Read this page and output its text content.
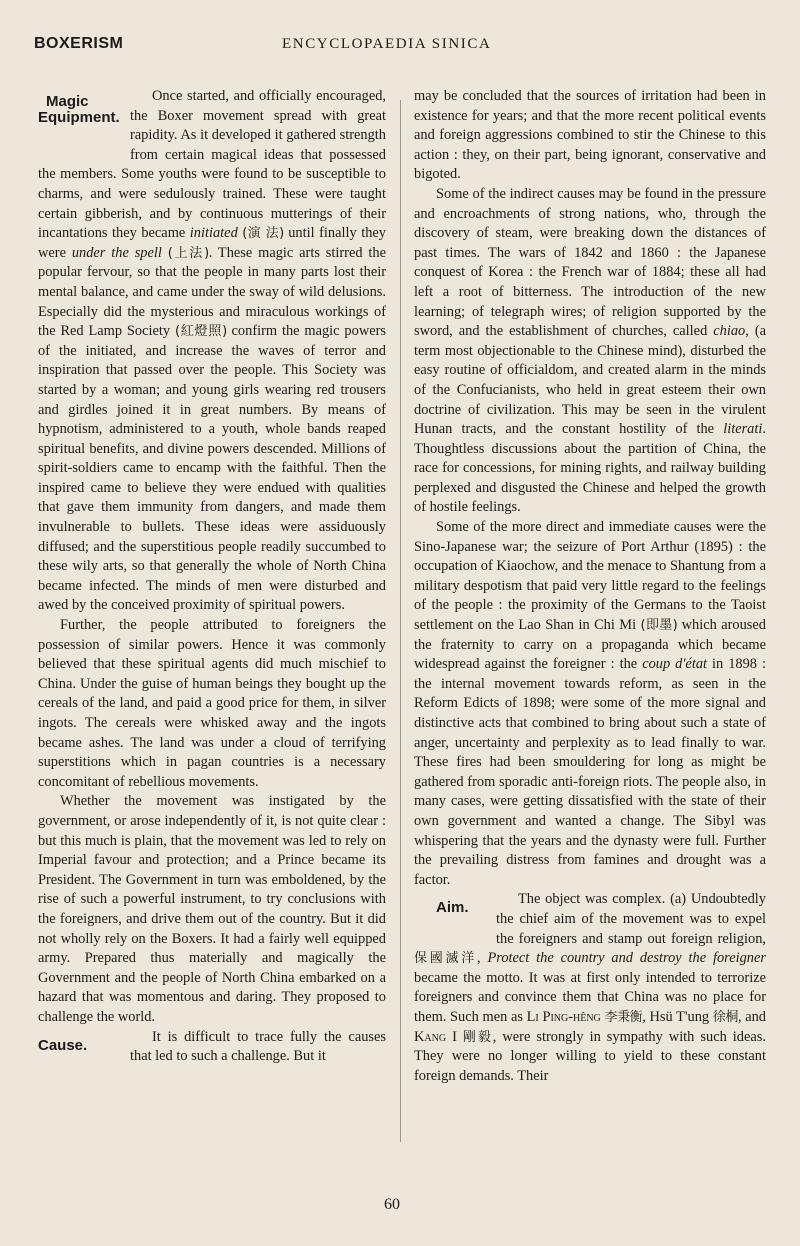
BOXERISM	ENCYCLOPAEDIA SINICA
Magic
Equipment.

Once started, and officially encouraged, the Boxer movement spread with great rapidity. As it developed it gathered strength from certain magical ideas that possessed the members. Some youths were found to be susceptible to charms, and were sedulously trained. These were taught certain gibberish, and by continuous mutterings of their incantations they became initiated (演 法) until finally they were under the spell (上法). These magic arts stirred the popular fervour, so that the people in many parts lost their mental balance, and came under the sway of wild delusions. Especially did the mysterious and miraculous workings of the Red Lamp Society (紅燈照) confirm the magic powers of the initiated, and increase the waves of terror and inspiration that passed over the people. This Society was started by a woman; and young girls wearing red trousers and girdles joined it in great numbers. By means of hypnotism, administered to a youth, whole bands reaped spiritual benefits, and divine powers descended. Millions of spirit-soldiers came to encamp with the faithful. Then the inspired came to believe they were endued with qualities that gave them immunity from dangers, and made them invulnerable to bullets. These ideas were assiduously diffused; and the superstitious people readily succumbed to these wily arts, so that generally the whole of North China became infected. The minds of men were disturbed and awed by the conceived proximity of spiritual powers.

Further, the people attributed to foreigners the possession of similar powers. Hence it was commonly believed that these spiritual agents did much mischief to China. Under the guise of human beings they bought up the cereals of the land, and paid a good price for them, in silver ingots. The cereals were whisked away and the ingots became ashes. The land was under a cloud of terrifying superstitions which in pagan countries is a necessary concomitant of rebellious movements.

Whether the movement was instigated by the government, or arose independently of it, is not quite clear : but this much is plain, that the movement was led to rely on Imperial favour and protection; and a Prince became its President. The Government in turn was emboldened, by the rise of such a powerful instrument, to try conclusions with the foreigners, and drive them out of the country. But it did not wholly rely on the Boxers. It had a fairly well equipped army. Prepared thus materially and magically the Government and the people of North China embarked on a hazard that was momentous and daring. They proposed to challenge the world.

Cause.	It is difficult to trace fully the causes that led to such a challenge. But it

may be concluded that the sources of irritation had been in existence for years; and that the more recent political events and foreign aggressions combined to stir the Chinese to this action : they, on their part, being ignorant, conservative and bigoted.

Some of the indirect causes may be found in the pressure and encroachments of strong nations, who, through the discovery of steam, were breaking down the distances of past times. The wars of 1842 and 1860 : the Japanese conquest of Korea : the French war of 1884; these all had left a root of bitterness. The introduction of the new learning; of telegraph wires; of religion supported by the sword, and the establishment of churches, called chiao, (a term most objectionable to the Chinese mind), disturbed the easy routine of officialdom, and created alarm in the minds of the Confucianists, who held in great esteem their own doctrine of civilization. This may be seen in the virulent Hunan tracts, and the constant hostility of the literati. Thoughtless discussions about the partition of China, the race for concessions, for mining rights, and railway building perplexed and disgusted the Chinese and helped the growth of hostile feelings.

Some of the more direct and immediate causes were the Sino-Japanese war; the seizure of Port Arthur (1895) : the occupation of Kiaochow, and the menace to Shantung from a military despotism that paid very little regard to the feelings of the people : the proximity of the Germans to the Taoist settlement on the Lao Shan in Chi Mi (即墨) which aroused the fraternity to carry on a propaganda which became widespread against the foreigner : the coup d'état in 1898 : the internal movement towards reform, as seen in the Reform Edicts of 1898; were some of the more signal and distinctive acts that combined to bring about such a state of anger, uncertainty and perplexity as to lead finally to war. These fires had been smouldering for long as might be gathered from sporadic anti-foreign riots. The people also, in many cases, were getting dissatisfied with the state of their own government and wanted a change. The Sibyl was whispering that the years and the dynasty were full. Further the prevailing distress from famines and drought was a factor.

Aim.	The object was complex. (a) Undoubtedly the chief aim of the movement was to expel the foreigners and stamp out foreign religion, 保國滅洋, Protect the country and destroy the foreigner became the motto. It was at first only intended to terrorize foreigners and convince them that China was no place for them. Such men as Li Ping-hêng 李秉衡, Hsü T'ung 徐桐, and Kang I 剛毅, were strongly in sympathy with such ideas. They were no longer willing to yield to these constant foreign demands. Their

60
